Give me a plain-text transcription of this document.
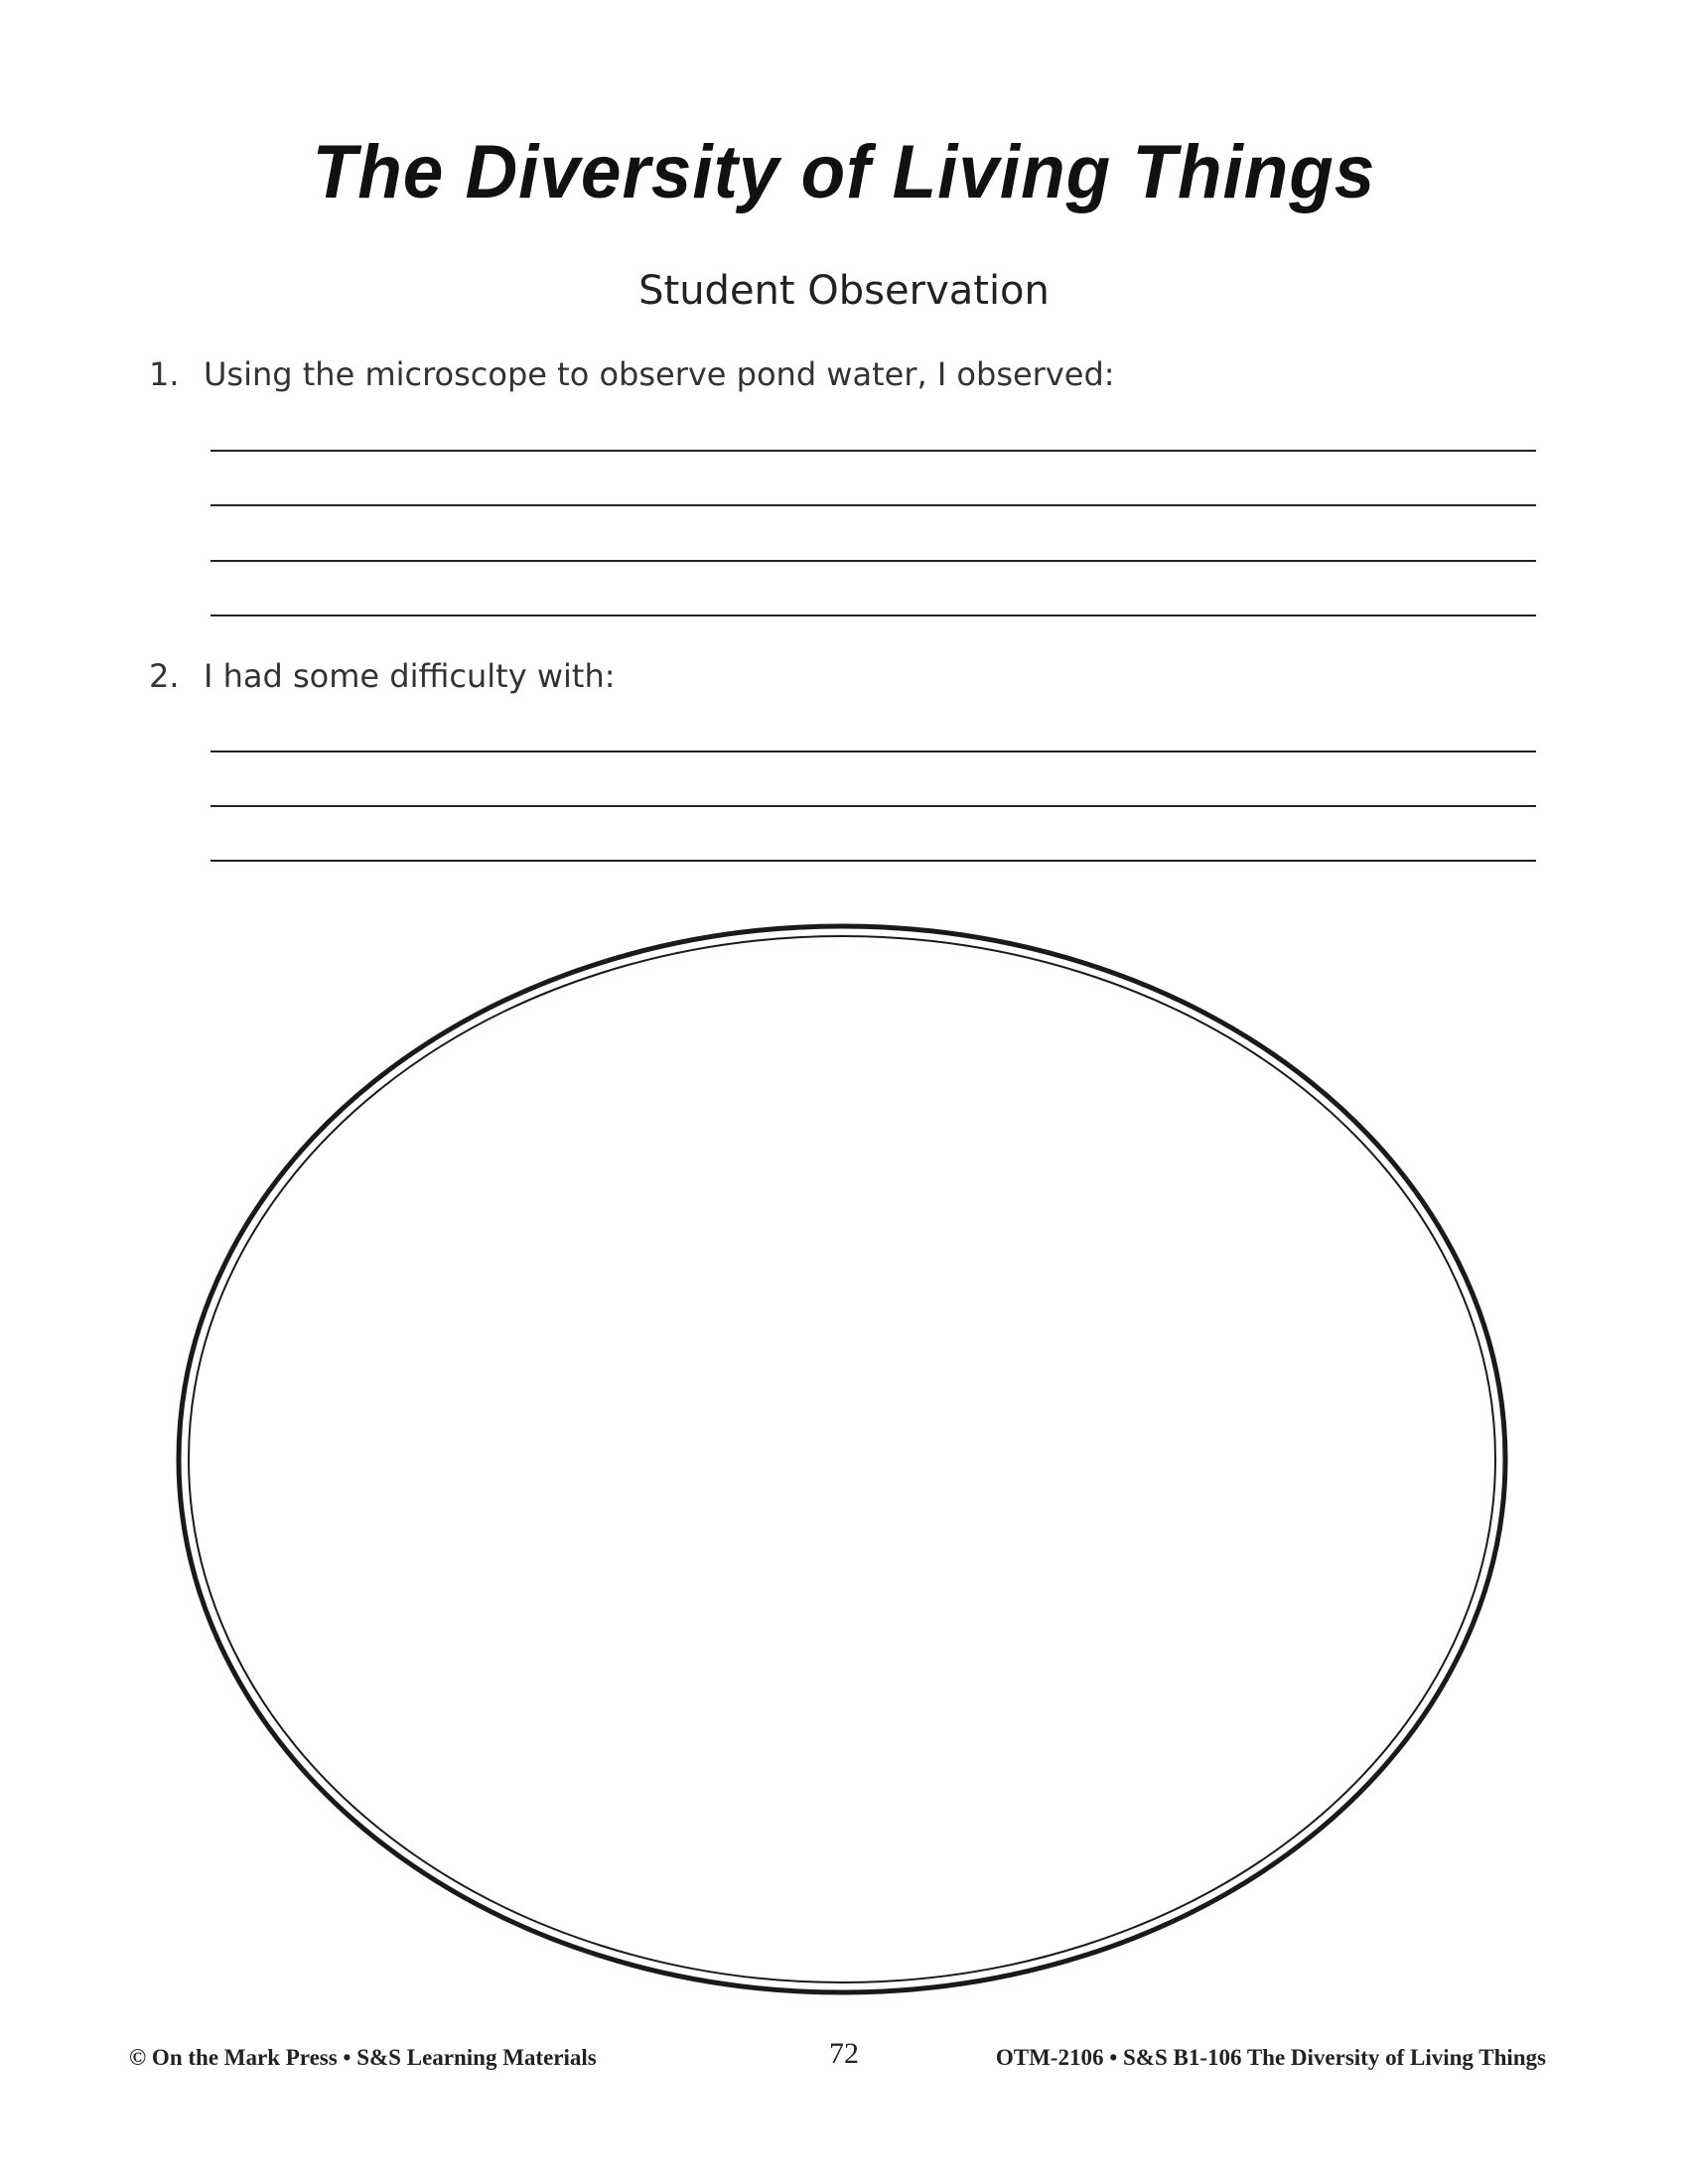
The Diversity of Living Things
Student Observation
1. Using the microscope to observe pond water, I observed:
2. I had some difficulty with:
© On the Mark Press • S&S Learning Materials	72	OTM-2106 • S&S B1-106 The Diversity of Living Things
